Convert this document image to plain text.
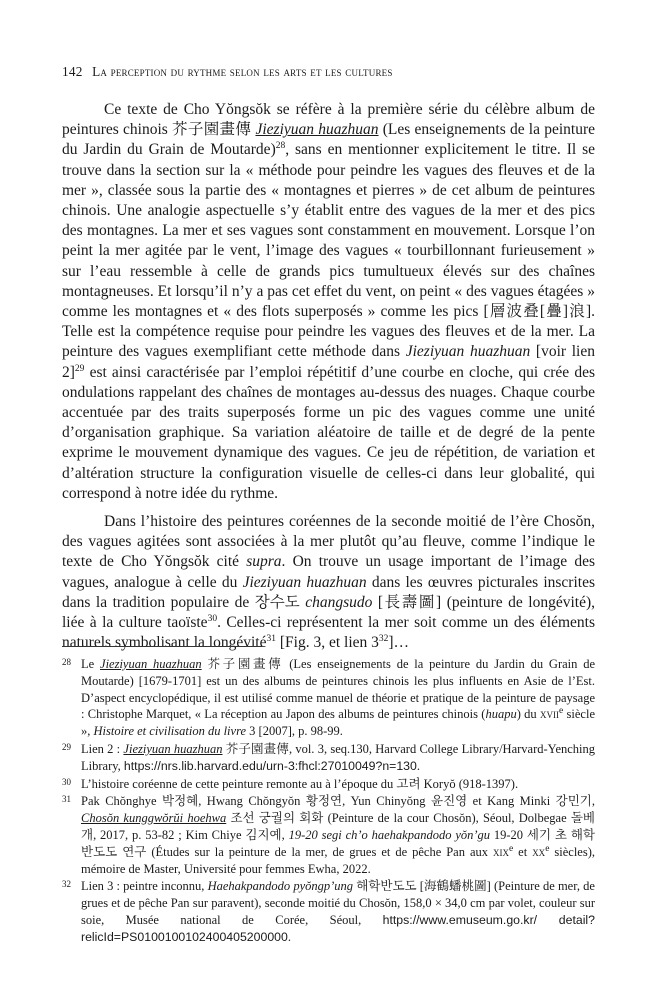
142 La perception du rythme selon les arts et les cultures

Ce texte de Cho Yŏngsŏk se réfère à la première série du célèbre album de peintures chinois 芥子園畫傳 Jieziyuan huazhuan (Les enseignements de la peinture du Jardin du Grain de Moutarde)$^{28}$, sans en mentionner explicitement le titre. Il se trouve dans la section sur la « méthode pour peindre les vagues des fleuves et de la mer », classée sous la partie des « montagnes et pierres » de cet album de peintures chinois. Une analogie aspectuelle s’y établit entre des vagues de la mer et des pics des montagnes. La mer et ses vagues sont constamment en mouvement. Lorsque l’on peint la mer agitée par le vent, l’image des vagues « tourbillonnant furieusement » sur l’eau ressemble à celle de grands pics tumultueux élevés sur des chaînes montagneuses. Et lorsqu’il n’y a pas cet effet du vent, on peint « des vagues étagées » comme les montagnes et « des flots superposés » comme les pics [層波叠[疊]浪]. Telle est la compétence requise pour peindre les vagues des fleuves et de la mer. La peinture des vagues exemplifiant cette méthode dans Jieziyuan huazhuan [voir lien 2]$^{29}$ est ainsi caractérisée par l’emploi répétitif d’une courbe en cloche, qui crée des ondulations rappelant des chaînes de montages au-dessus des nuages. Chaque courbe accentuée par des traits superposés forme un pic des vagues comme une unité d’organisation graphique. Sa variation aléatoire de taille et de degré de la pente exprime le mouvement dynamique des vagues. Ce jeu de répétition, de variation et d’altération structure la configuration visuelle de celles-ci dans leur globalité, qui correspond à notre idée du rythme.

Dans l’histoire des peintures coréennes de la seconde moitié de l’ère Chosŏn, des vagues agitées sont associées à la mer plutôt qu’au fleuve, comme l’indique le texte de Cho Yŏngsŏk cité supra. On trouve un usage important de l’image des vagues, analogue à celle du Jieziyuan huazhuan dans les œuvres picturales inscrites dans la tradition populaire de 장수도 changsudo [長壽圖] (peinture de longévité), liée à la culture taoïste$^{30}$. Celles-ci représentent la mer soit comme un des éléments naturels symbolisant la longévité$^{31}$ [Fig. 3, et lien $3^{32}]\dots$

28 Le Jieziyuan huazhuan 芥子園畫傳 (Les enseignements de la peinture du Jardin du Grain de Moutarde) [1679-1701] est un des albums de peintures chinois les plus influents en Asie de l’Est. D’aspect encyclopédique, il est utilisé comme manuel de théorie et pratique de la peinture de paysage : Christophe Marquet, « La réception au Japon des albums de peintures chinois (huapu) du xvii$^e$ siècle », Histoire et civilisation du livre 3 [2007], p. 98-99.
29 Lien 2 : Jieziyuan huazhuan 芥子園畫傳, vol. 3, seq.130, Harvard College Library/Harvard-Yenching Library, https://nrs.lib.harvard.edu/urn-3:fhcl:27010049?n=130.
30 L’histoire coréenne de cette peinture remonte au à l’époque du 고려 Koryŏ (918-1397).
31 Pak Chŏnghye 박정혜, Hwang Chŏngyŏn 황정연, Yun Chinyŏng 윤진영 et Kang Minki 강민기, Chosŏn kunggwŏrŭi hoehwa 조선 궁궐의 회화 (Peinture de la cour Chosŏn), Séoul, Dolbegae 돌베개, 2017, p. 53-82 ; Kim Chiye 김지예, 19-20 segi ch’o haehakpandodo yŏn’gu 19-20 세기 초 해학반도도 연구 (Études sur la peinture de la mer, de grues et de pêche Pan aux xix$^e$ et $xx^e$ siècles), mémoire de Master, Université pour femmes Ewha, 2022.
32 Lien 3 : peintre inconnu, Haehakpandodo pyŏngp’ung 해학반도도 [海鶴蟠桃圖] (Peinture de mer, de grues et de pêche Pan sur paravent), seconde moitié du Chosŏn, 158,0 × 34,0 cm par volet, couleur sur soie, Musée national de Corée, Séoul, https://www.emuseum.go.kr/ detail?relicId=PS0100100102400405200000.
